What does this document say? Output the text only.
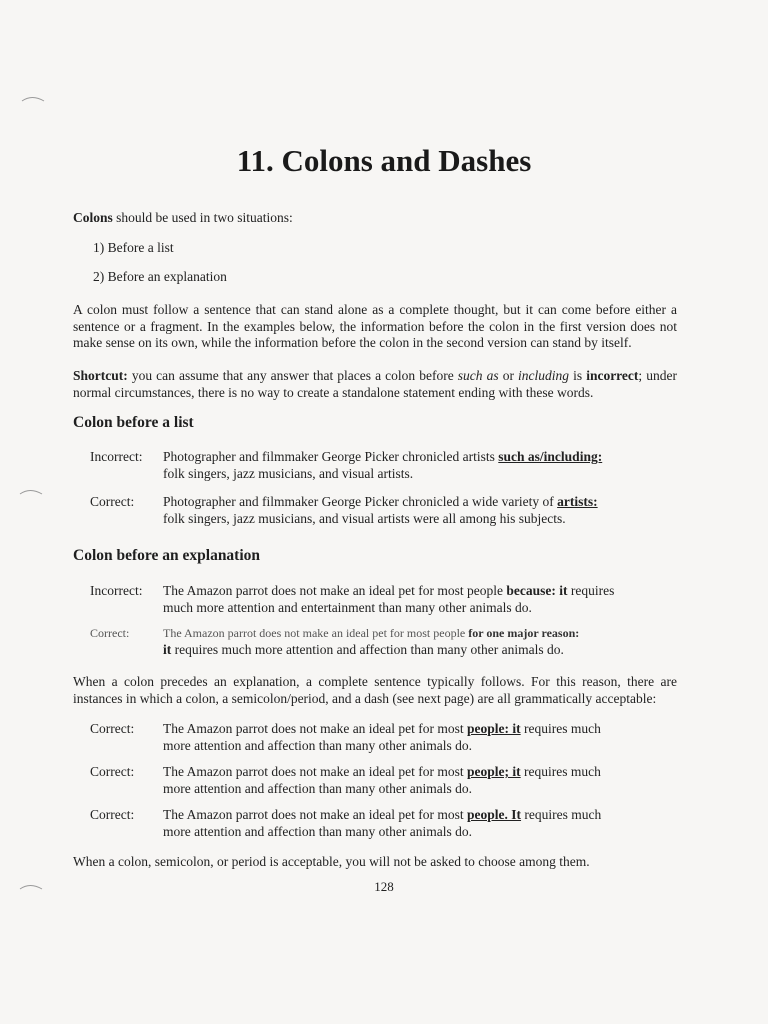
11. Colons and Dashes
Colons should be used in two situations:
1) Before a list
2) Before an explanation
A colon must follow a sentence that can stand alone as a complete thought, but it can come before either a sentence or a fragment. In the examples below, the information before the colon in the first version does not make sense on its own, while the information before the colon in the second version can stand by itself.
Shortcut: you can assume that any answer that places a colon before such as or including is incorrect; under normal circumstances, there is no way to create a standalone statement ending with these words.
Colon before a list
Incorrect: Photographer and filmmaker George Picker chronicled artists such as/including:
folk singers, jazz musicians, and visual artists.
Correct: Photographer and filmmaker George Picker chronicled a wide variety of artists:
folk singers, jazz musicians, and visual artists were all among his subjects.
Colon before an explanation
Incorrect: The Amazon parrot does not make an ideal pet for most people because: it requires
much more attention and entertainment than many other animals do.
Correct:	The Amazon parrot does not make an ideal pet for most people for one major reason:
it requires much more attention and affection than many other animals do.
When a colon precedes an explanation, a complete sentence typically follows. For this reason, there are instances in which a colon, a semicolon/period, and a dash (see next page) are all grammatically acceptable:
Correct: The Amazon parrot does not make an ideal pet for most people: it requires much
more attention and affection than many other animals do.
Correct: The Amazon parrot does not make an ideal pet for most people; it requires much
more attention and affection than many other animals do.
Correct: The Amazon parrot does not make an ideal pet for most people. It requires much
more attention and affection than many other animals do.
When a colon, semicolon, or period is acceptable, you will not be asked to choose among them.
128
